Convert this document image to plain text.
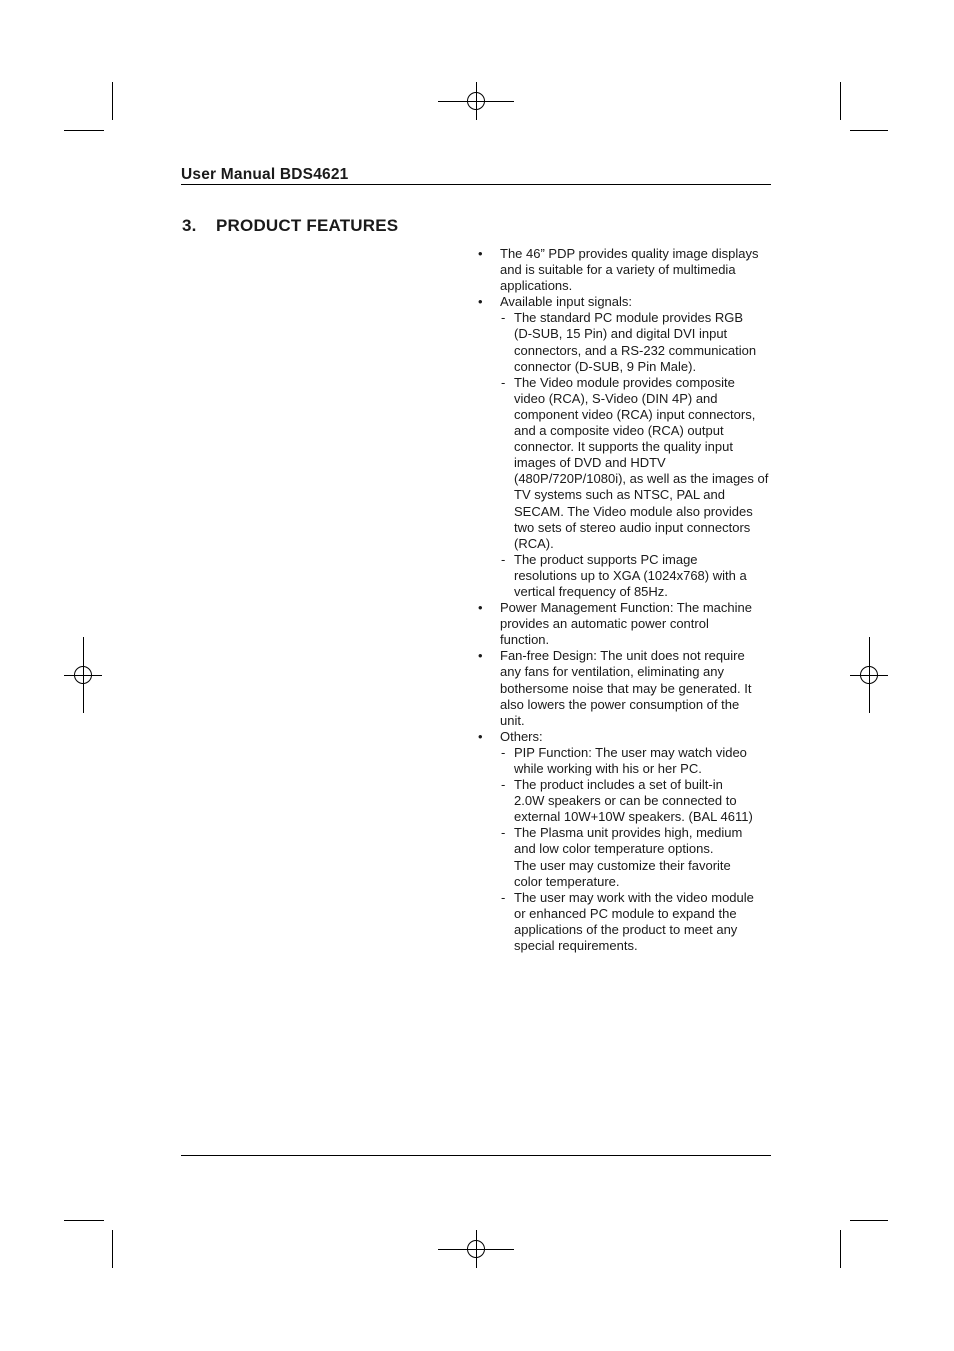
User Manual BDS4621
3. PRODUCT FEATURES
• The 46” PDP provides quality image displays
and is suitable for a variety of multimedia
applications.
• Available input signals:
- The standard PC module provides RGB
(D-SUB, 15 Pin) and digital DVI input
connectors, and a RS-232 communication
connector (D-SUB, 9 Pin Male).
- The Video module provides composite
video (RCA), S-Video (DIN 4P) and
component video (RCA) input connectors,
and a composite video (RCA) output
connector. It supports the quality input
images of DVD and HDTV
(480P/720P/1080i), as well as the images of
TV systems such as NTSC, PAL and
SECAM. The Video module also provides
two sets of stereo audio input connectors
(RCA).
- The product supports PC image
resolutions up to XGA (1024x768) with a
vertical frequency of 85Hz.
• Power Management Function: The machine
provides an automatic power control
function.
• Fan-free Design: The unit does not require
any fans for ventilation, eliminating any
bothersome noise that may be generated. It
also lowers the power consumption of the
unit.
• Others:
- PIP Function: The user may watch video
while working with his or her PC.
- The product includes a set of built-in
2.0W speakers or can be connected to
external 10W+10W speakers. (BAL 4611)
- The Plasma unit provides high, medium
and low color temperature options.
The user may customize their favorite
color temperature.
- The user may work with the video module
or enhanced PC module to expand the
applications of the product to meet any
special requirements.
